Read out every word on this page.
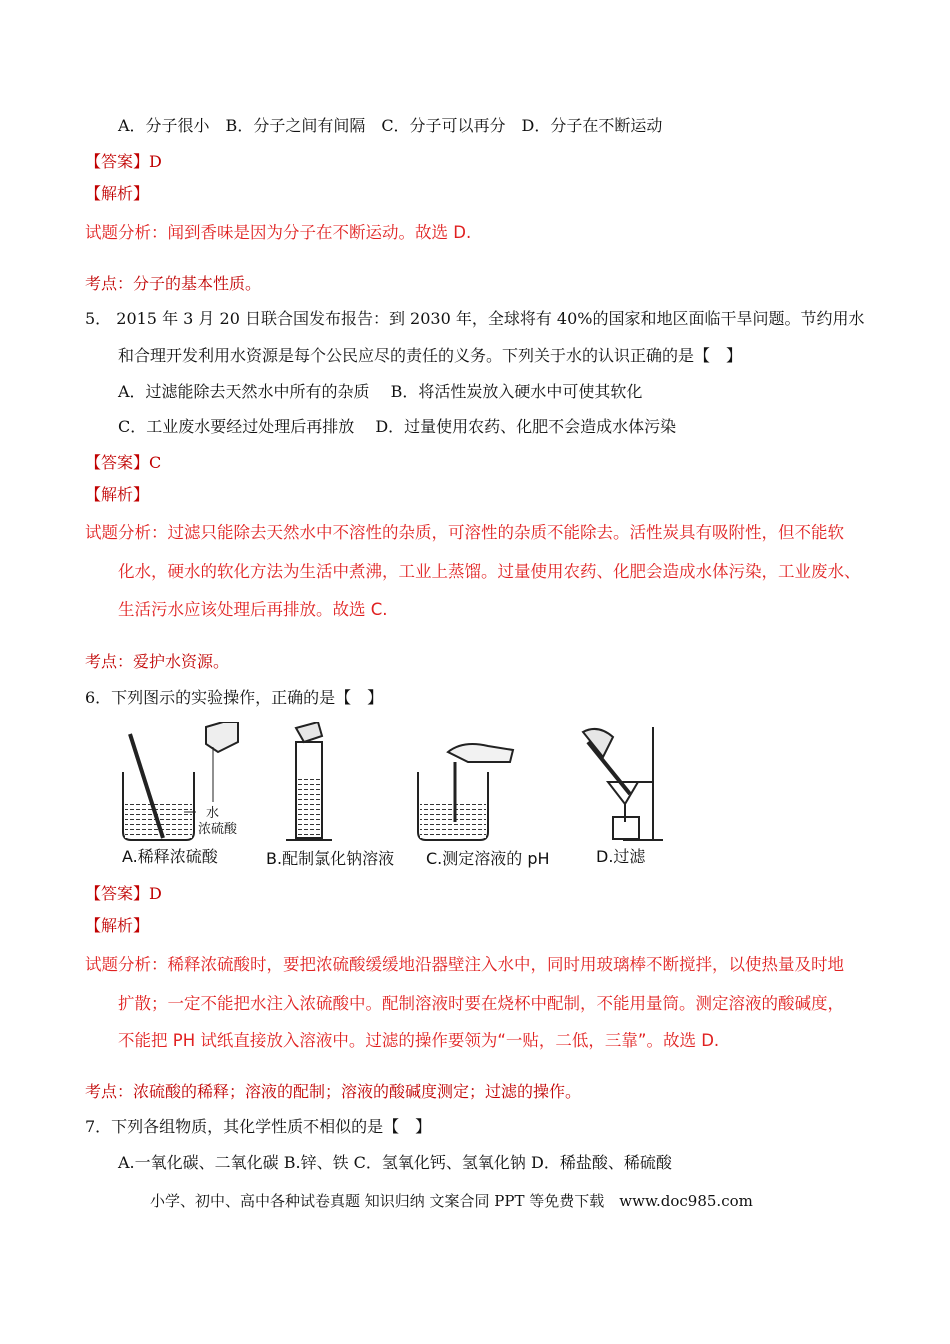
A．分子很小　B．分子之间有间隔　C．分子可以再分　D．分子在不断运动
【答案】D
【解析】
试题分析：闻到香味是因为分子在不断运动。故选 D.
考点：分子的基本性质。
5． 2015 年 3 月 20 日联合国发布报告：到 2030 年，全球将有 40%的国家和地区面临干旱问题。节约用水
和合理开发利用水资源是每个公民应尽的责任的义务。下列关于水的认识正确的是【　】
A．过滤能除去天然水中所有的杂质　 B．将活性炭放入硬水中可使其软化
C．工业废水要经过处理后再排放　 D．过量使用农药、化肥不会造成水体污染
【答案】C
【解析】
试题分析：过滤只能除去天然水中不溶性的杂质，可溶性的杂质不能除去。活性炭具有吸附性，但不能软
化水，硬水的软化方法为生活中煮沸，工业上蒸馏。过量使用农药、化肥会造成水体污染，工业废水、
生活污水应该处理后再排放。故选 C.
考点：爱护水资源。
6．下列图示的实验操作，正确的是【　】
水
浓硫酸
A.稀释浓硫酸	B.配制氯化钠溶液 C.测定溶液的 pH	D.过滤
【答案】D
【解析】
试题分析：稀释浓硫酸时，要把浓硫酸缓缓地沿器壁注入水中，同时用玻璃棒不断搅拌，以使热量及时地
扩散；一定不能把水注入浓硫酸中。配制溶液时要在烧杯中配制，不能用量筒。测定溶液的酸碱度，
不能把 PH 试纸直接放入溶液中。过滤的操作要领为“一贴，二低，三靠”。故选 D.
考点：浓硫酸的稀释；溶液的配制；溶液的酸碱度测定；过滤的操作。
7．下列各组物质，其化学性质不相似的是【　】
A.一氧化碳、二氧化碳 B.锌、铁 C．氢氧化钙、氢氧化钠 D．稀盐酸、稀硫酸
小学、初中、高中各种试卷真题 知识归纳 文案合同 PPT 等免费下载　www.doc985.com
